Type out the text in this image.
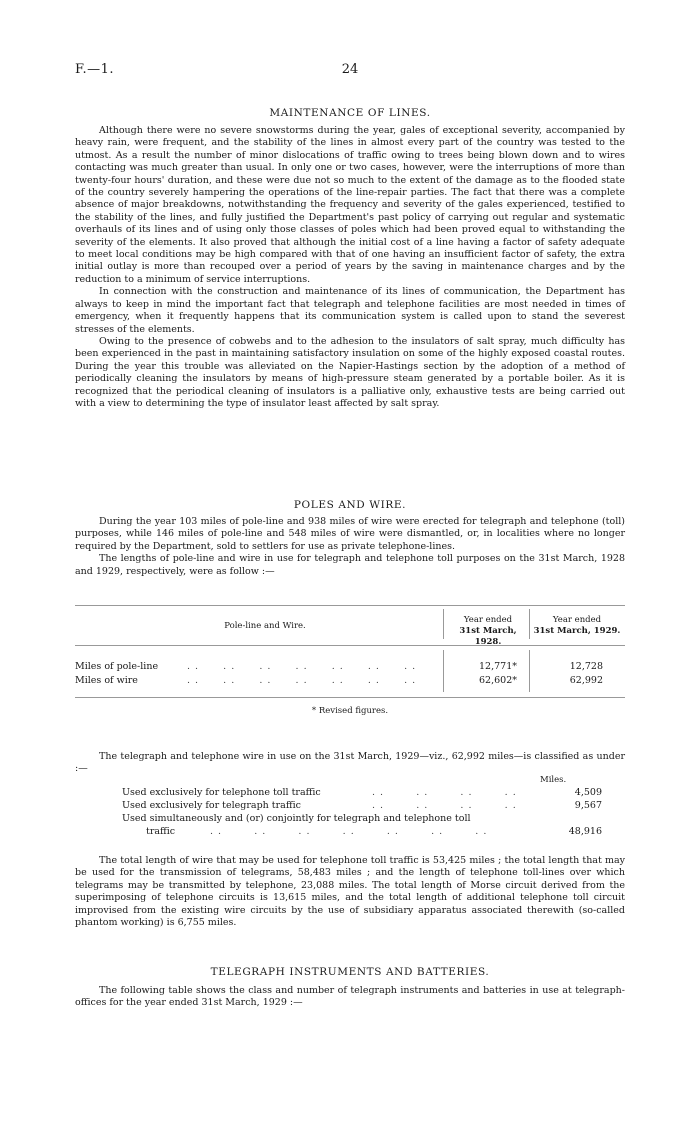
F.—1.	24
MAINTENANCE OF LINES.

Although there were no severe snowstorms during the year, gales of exceptional severity, accompanied by heavy rain, were frequent, and the stability of the lines in almost every part of the country was tested to the utmost. As a result the number of minor dislocations of traffic owing to trees being blown down and to wires contacting was much greater than usual. In only one or two cases, however, were the interruptions of more than twenty-four hours' duration, and these were due not so much to the extent of the damage as to the flooded state of the country severely hampering the operations of the line-repair parties. The fact that there was a complete absence of major breakdowns, notwithstanding the frequency and severity of the gales experienced, testified to the stability of the lines, and fully justified the Department's past policy of carrying out regular and systematic overhauls of its lines and of using only those classes of poles which had been proved equal to withstanding the severity of the elements. It also proved that although the initial cost of a line having a factor of safety adequate to meet local conditions may be high compared with that of one having an insufficient factor of safety, the extra initial outlay is more than recouped over a period of years by the saving in maintenance charges and by the reduction to a minimum of service interruptions.

In connection with the construction and maintenance of its lines of communication, the Department has always to keep in mind the important fact that telegraph and telephone facilities are most needed in times of emergency, when it frequently happens that its communication system is called upon to stand the severest stresses of the elements.

Owing to the presence of cobwebs and to the adhesion to the insulators of salt spray, much difficulty has been experienced in the past in maintaining satisfactory insulation on some of the highly exposed coastal routes. During the year this trouble was alleviated on the Napier-Hastings section by the adoption of a method of periodically cleaning the insulators by means of high-pressure steam generated by a portable boiler. As it is recognized that the periodical cleaning of insulators is a palliative only, exhaustive tests are being carried out with a view to determining the type of insulator least affected by salt spray.

POLES AND WIRE.

During the year 103 miles of pole-line and 938 miles of wire were erected for telegraph and telephone (toll) purposes, while 146 miles of pole-line and 548 miles of wire were dismantled, or, in localities where no longer required by the Department, sold to settlers for use as private telephone-lines.

The lengths of pole-line and wire in use for telegraph and telephone toll purposes on the 31st March, 1928 and 1929, respectively, were as follow :—

Pole-line and Wire.
Year ended
31st March, 1928.
Year ended
31st March, 1929.
Miles of pole-line	. .      . .      . .      . .      . .      . .      . .	12,771*	12,728
Miles of wire	. .      . .      . .      . .      . .      . .      . .	62,602*	62,992
* Revised figures.

The telegraph and telephone wire in use on the 31st March, 1929—viz., 62,992 miles—is classified as under :—

Miles.
Used exclusively for telephone toll traffic	. .        . .        . .        . .	4,509
Used exclusively for telegraph traffic	. .        . .        . .        . .	9,567
Used simultaneously and (or) conjointly for telegraph and telephone toll
traffic	. .        . .        . .        . .        . .        . .        . .	48,916

The total length of wire that may be used for telephone toll traffic is 53,425 miles ; the total length that may be used for the transmission of telegrams, 58,483 miles ; and the length of telephone toll-lines over which telegrams may be transmitted by telephone, 23,088 miles. The total length of Morse circuit derived from the superimposing of telephone circuits is 13,615 miles, and the total length of additional telephone toll circuit improvised from the existing wire circuits by the use of subsidiary apparatus associated therewith (so-called phantom working) is 6,755 miles.

TELEGRAPH INSTRUMENTS AND BATTERIES.

The following table shows the class and number of telegraph instruments and batteries in use at telegraph-offices for the year ended 31st March, 1929 :—
